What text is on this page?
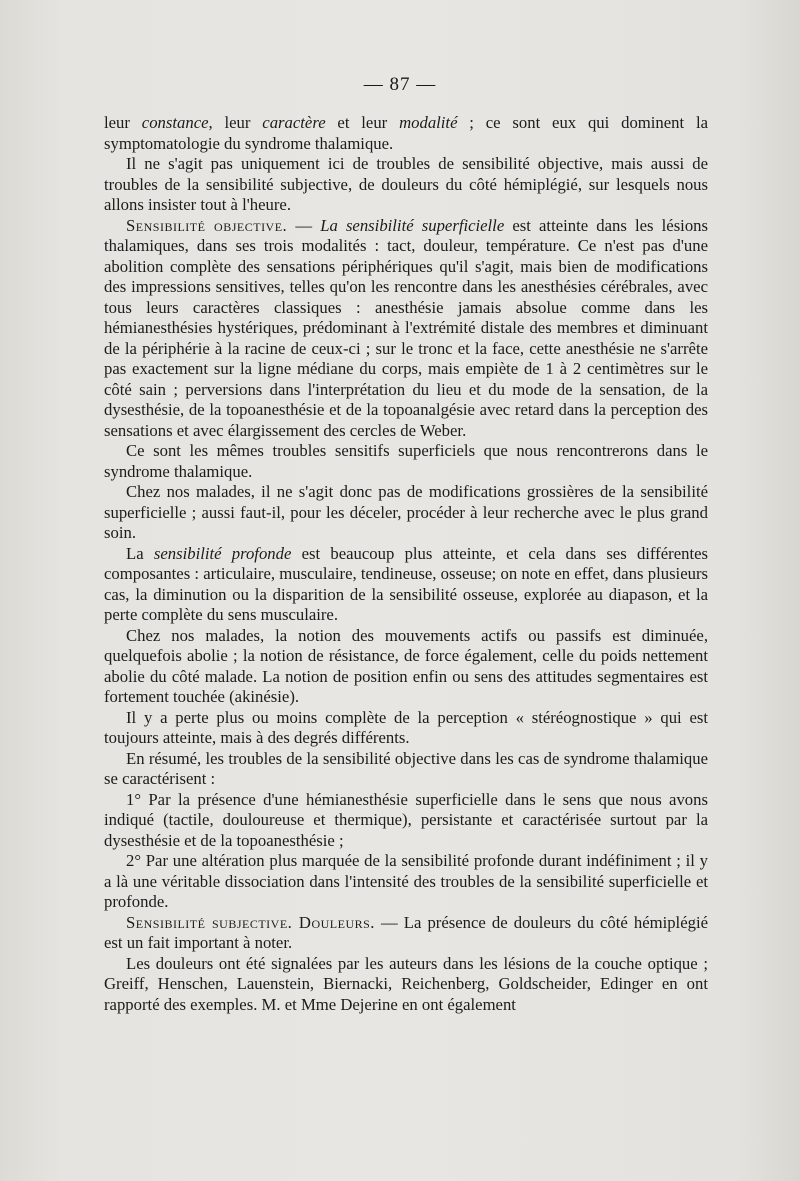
— 87 —

leur constance, leur caractère et leur modalité ; ce sont eux qui dominent la symptomatologie du syndrome thalamique.

Il ne s'agit pas uniquement ici de troubles de sensibilité objective, mais aussi de troubles de la sensibilité subjective, de douleurs du côté hémiplégié, sur lesquels nous allons insister tout à l'heure.

Sensibilité objective. — La sensibilité superficielle est atteinte dans les lésions thalamiques, dans ses trois modalités : tact, douleur, température. Ce n'est pas d'une abolition complète des sensations périphériques qu'il s'agit, mais bien de modifications des impressions sensitives, telles qu'on les rencontre dans les anesthésies cérébrales, avec tous leurs caractères classiques : anesthésie jamais absolue comme dans les hémianesthésies hystériques, prédominant à l'extrémité distale des membres et diminuant de la périphérie à la racine de ceux-ci ; sur le tronc et la face, cette anesthésie ne s'arrête pas exactement sur la ligne médiane du corps, mais empiète de 1 à 2 centimètres sur le côté sain ; perversions dans l'interprétation du lieu et du mode de la sensation, de la dysesthésie, de la topoanesthésie et de la topoanalgésie avec retard dans la perception des sensations et avec élargissement des cercles de Weber.

Ce sont les mêmes troubles sensitifs superficiels que nous rencontrerons dans le syndrome thalamique.

Chez nos malades, il ne s'agit donc pas de modifications grossières de la sensibilité superficielle ; aussi faut-il, pour les déceler, procéder à leur recherche avec le plus grand soin.

La sensibilité profonde est beaucoup plus atteinte, et cela dans ses différentes composantes : articulaire, musculaire, tendineuse, osseuse; on note en effet, dans plusieurs cas, la diminution ou la disparition de la sensibilité osseuse, explorée au diapason, et la perte complète du sens musculaire.

Chez nos malades, la notion des mouvements actifs ou passifs est diminuée, quelquefois abolie ; la notion de résistance, de force également, celle du poids nettement abolie du côté malade. La notion de position enfin ou sens des attitudes segmentaires est fortement touchée (akinésie).

Il y a perte plus ou moins complète de la perception « stéréognostique » qui est toujours atteinte, mais à des degrés différents.

En résumé, les troubles de la sensibilité objective dans les cas de syndrome thalamique se caractérisent :

1° Par la présence d'une hémianesthésie superficielle dans le sens que nous avons indiqué (tactile, douloureuse et thermique), persistante et caractérisée surtout par la dysesthésie et de la topoanesthésie ;

2° Par une altération plus marquée de la sensibilité profonde durant indéfiniment ; il y a là une véritable dissociation dans l'intensité des troubles de la sensibilité superficielle et profonde.

Sensibilité subjective. Douleurs. — La présence de douleurs du côté hémiplégié est un fait important à noter.

Les douleurs ont été signalées par les auteurs dans les lésions de la couche optique ; Greiff, Henschen, Lauenstein, Biernacki, Reichenberg, Goldscheider, Edinger en ont rapporté des exemples. M. et Mme Dejerine en ont également
